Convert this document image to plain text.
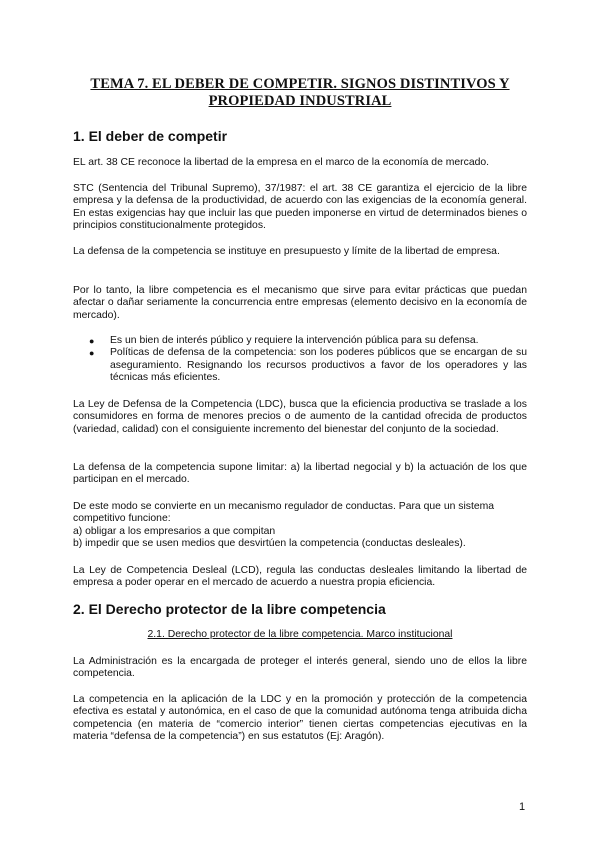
TEMA 7. EL DEBER DE COMPETIR. SIGNOS DISTINTIVOS Y PROPIEDAD INDUSTRIAL
1. El deber de competir

EL art. 38 CE reconoce la libertad de la empresa en el marco de la economía de mercado.

STC (Sentencia del Tribunal Supremo), 37/1987: el art. 38 CE garantiza el ejercicio de la libre empresa y la defensa de la productividad, de acuerdo con las exigencias de la economía general. En estas exigencias hay que incluir las que pueden imponerse en virtud de determinados bienes o principios constitucionalmente protegidos.

La defensa de la competencia se instituye en presupuesto y límite de la libertad de empresa.

Por lo tanto, la libre competencia es el mecanismo que sirve para evitar prácticas que puedan afectar o dañar seriamente la concurrencia entre empresas (elemento decisivo en la economía de mercado).

● Es un bien de interés público y requiere la intervención pública para su defensa.
● Políticas de defensa de la competencia: son los poderes públicos que se encargan de su aseguramiento. Resignando los recursos productivos a favor de los operadores y las técnicas más eficientes.

La Ley de Defensa de la Competencia (LDC), busca que la eficiencia productiva se traslade a los consumidores en forma de menores precios o de aumento de la cantidad ofrecida de productos (variedad, calidad) con el consiguiente incremento del bienestar del conjunto de la sociedad.

La defensa de la competencia supone limitar: a) la libertad negocial y b) la actuación de los que participan en el mercado.

De este modo se convierte en un mecanismo regulador de conductas. Para que un sistema
competitivo funcione:
a) obligar a los empresarios a que compitan
b) impedir que se usen medios que desvirtúen la competencia (conductas desleales).

La Ley de Competencia Desleal (LCD), regula las conductas desleales limitando la libertad de empresa a poder operar en el mercado de acuerdo a nuestra propia eficiencia.

2. El Derecho protector de la libre competencia
2.1. Derecho protector de la libre competencia. Marco institucional

La Administración es la encargada de proteger el interés general, siendo uno de ellos la libre competencia.

La competencia en la aplicación de la LDC y en la promoción y protección de la competencia efectiva es estatal y autonómica, en el caso de que la comunidad autónoma tenga atribuida dicha competencia (en materia de “comercio interior” tienen ciertas competencias ejecutivas en la materia “defensa de la competencia”) en sus estatutos (Ej: Aragón).

1
